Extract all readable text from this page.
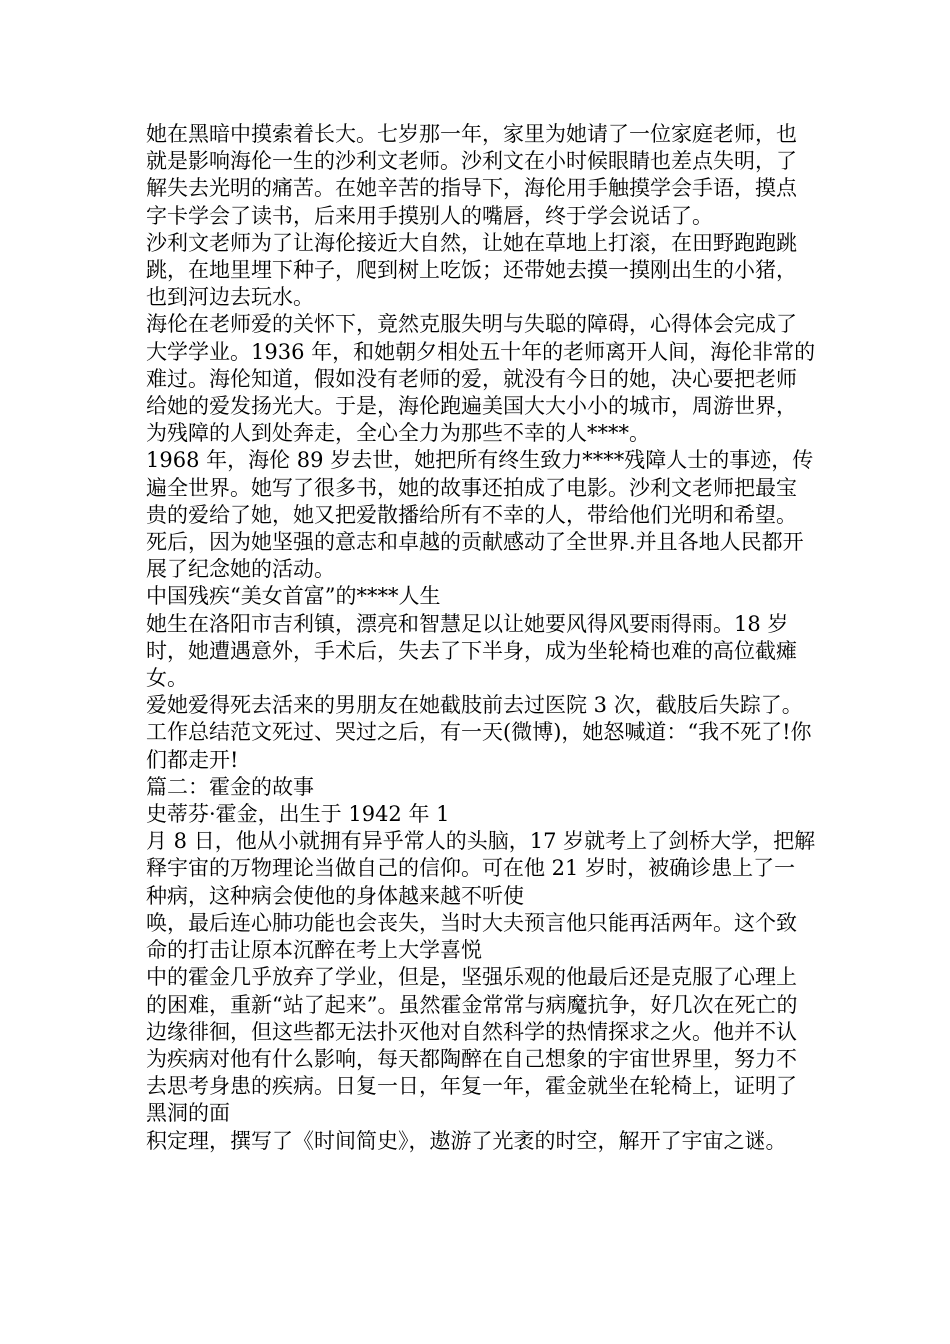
她在黑暗中摸索着长大。七岁那一年，家里为她请了一位家庭老师，也就是影响海伦一生的沙利文老师。沙利文在小时候眼睛也差点失明，了解失去光明的痛苦。在她辛苦的指导下，海伦用手触摸学会手语，摸点字卡学会了读书，后来用手摸别人的嘴唇，终于学会说话了。

沙利文老师为了让海伦接近大自然，让她在草地上打滚，在田野跑跑跳跳，在地里埋下种子，爬到树上吃饭；还带她去摸一摸刚出生的小猪，也到河边去玩水。

海伦在老师爱的关怀下，竟然克服失明与失聪的障碍，心得体会完成了大学学业。1936 年，和她朝夕相处五十年的老师离开人间，海伦非常的难过。海伦知道，假如没有老师的爱，就没有今日的她，决心要把老师给她的爱发扬光大。于是，海伦跑遍美国大大小小的城市，周游世界，为残障的人到处奔走，全心全力为那些不幸的人****。

1968 年，海伦 89 岁去世，她把所有终生致力****残障人士的事迹，传遍全世界。她写了很多书，她的故事还拍成了电影。沙利文老师把最宝贵的爱给了她，她又把爱散播给所有不幸的人，带给他们光明和希望。

死后，因为她坚强的意志和卓越的贡献感动了全世界.并且各地人民都开展了纪念她的活动。

中国残疾“美女首富”的****人生

她生在洛阳市吉利镇，漂亮和智慧足以让她要风得风要雨得雨。18 岁时，她遭遇意外，手术后，失去了下半身，成为坐轮椅也难的高位截瘫女。

爱她爱得死去活来的男朋友在她截肢前去过医院 3 次，截肢后失踪了。

工作总结范文死过、哭过之后，有一天(微博)，她怒喊道：“我不死了!你们都走开!

篇二：霍金的故事

史蒂芬·霍金，出生于 1942 年 1

月 8 日，他从小就拥有异乎常人的头脑，17 岁就考上了剑桥大学，把解释宇宙的万物理论当做自己的信仰。可在他 21 岁时，被确诊患上了一种病，这种病会使他的身体越来越不听使

唤，最后连心肺功能也会丧失，当时大夫预言他只能再活两年。这个致命的打击让原本沉醉在考上大学喜悦

中的霍金几乎放弃了学业，但是，坚强乐观的他最后还是克服了心理上

的困难，重新“站了起来”。虽然霍金常常与病魔抗争，好几次在死亡的边缘徘徊，但这些都无法扑灭他对自然科学的热情探求之火。他并不认为疾病对他有什么影响，每天都陶醉在自己想象的宇宙世界里，努力不去思考身患的疾病。日复一日，年复一年，霍金就坐在轮椅上，证明了黑洞的面

积定理，撰写了《时间简史》，遨游了光袤的时空，解开了宇宙之谜。
